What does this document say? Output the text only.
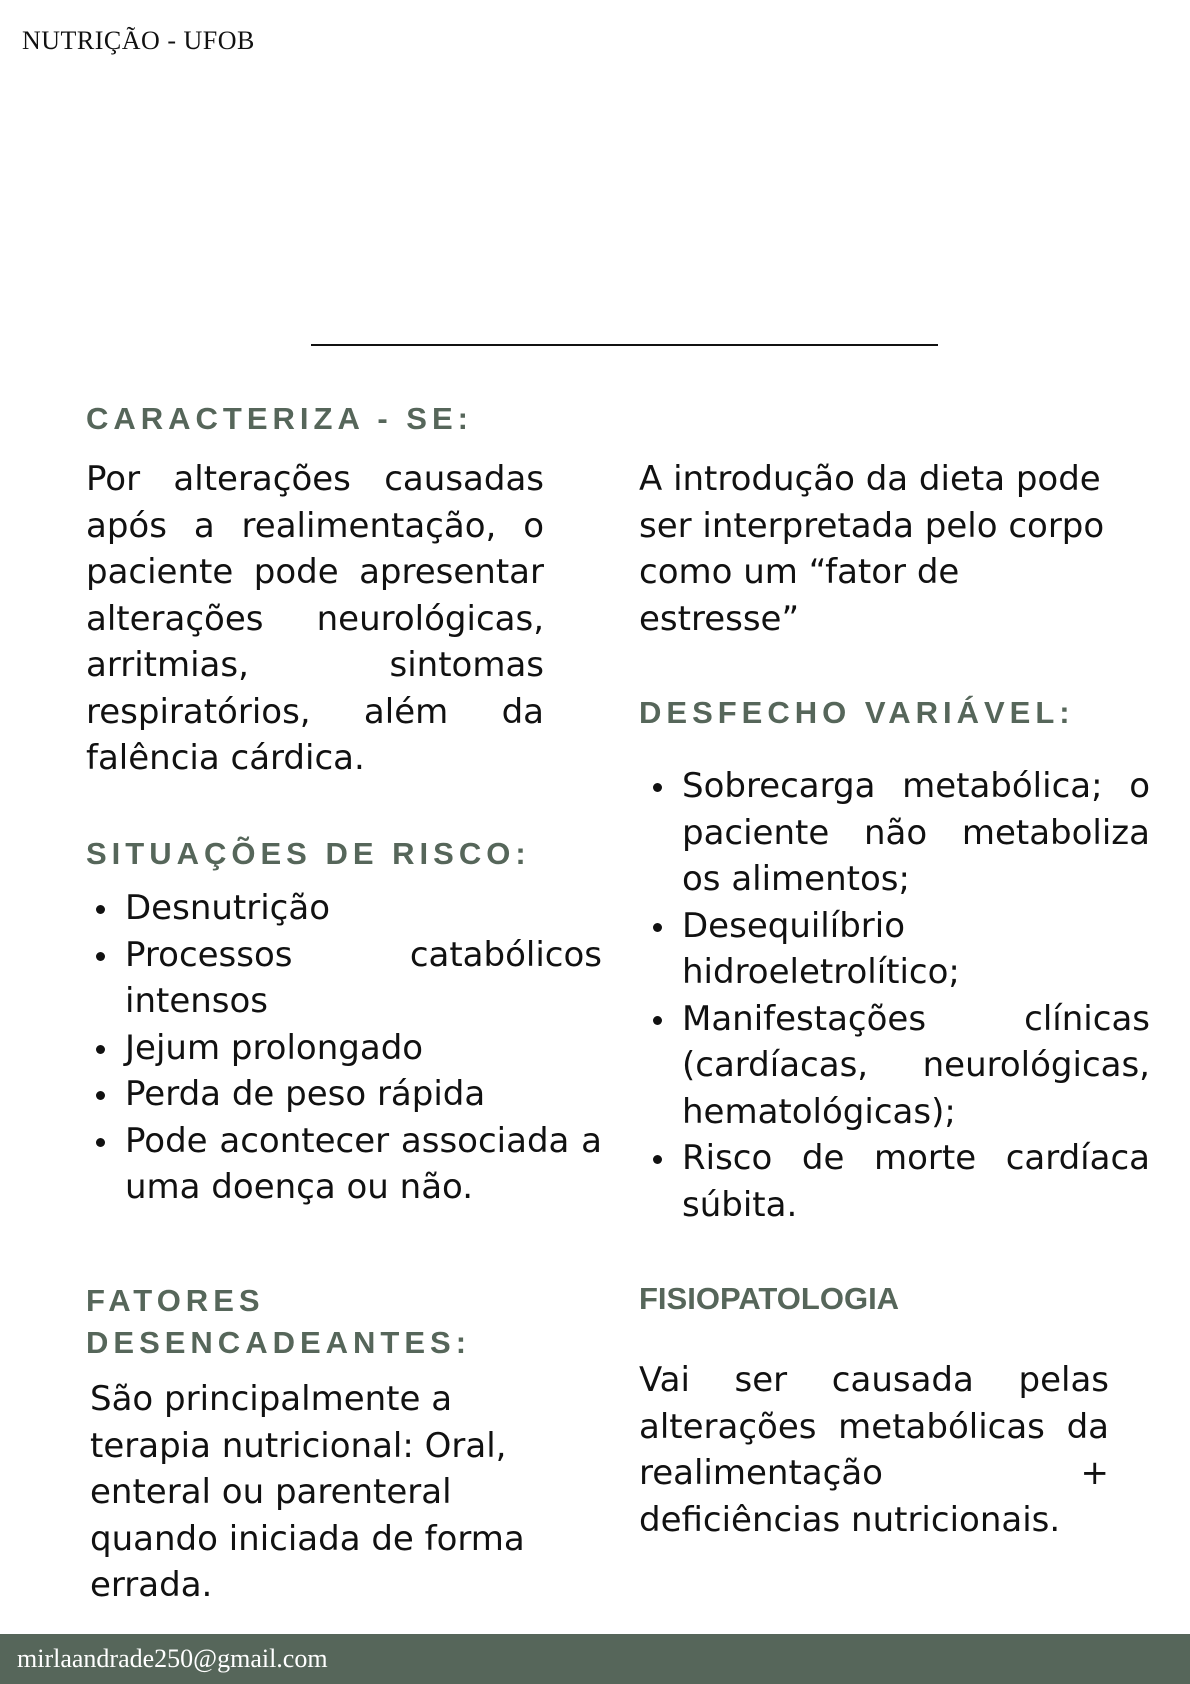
NUTRIÇÃO - UFOB
CARACTERIZA - SE:
Por alterações causadas após a realimentação, o paciente pode apresentar alterações neurológicas, arritmias, sintomas respiratórios, além da falência cárdica.
SITUAÇÕES DE RISCO:
Desnutrição
Processos catabólicos intensos
Jejum prolongado
Perda de peso rápida
Pode acontecer associada a uma doença ou não.
FATORES
DESENCADEANTES:
São principalmente a terapia nutricional: Oral, enteral ou parenteral quando iniciada de forma errada.
A introdução da dieta pode ser interpretada pelo corpo como um “fator de estresse”
DESFECHO VARIÁVEL:
Sobrecarga metabólica; o paciente não metaboliza os alimentos;
Desequilíbrio hidroeletrolítico;
Manifestações clínicas (cardíacas, neurológicas, hematológicas);
Risco de morte cardíaca súbita.
FISIOPATOLOGIA
Vai ser causada pelas alterações metabólicas da realimentação + deficiências nutricionais.
mirlaandrade250@gmail.com
